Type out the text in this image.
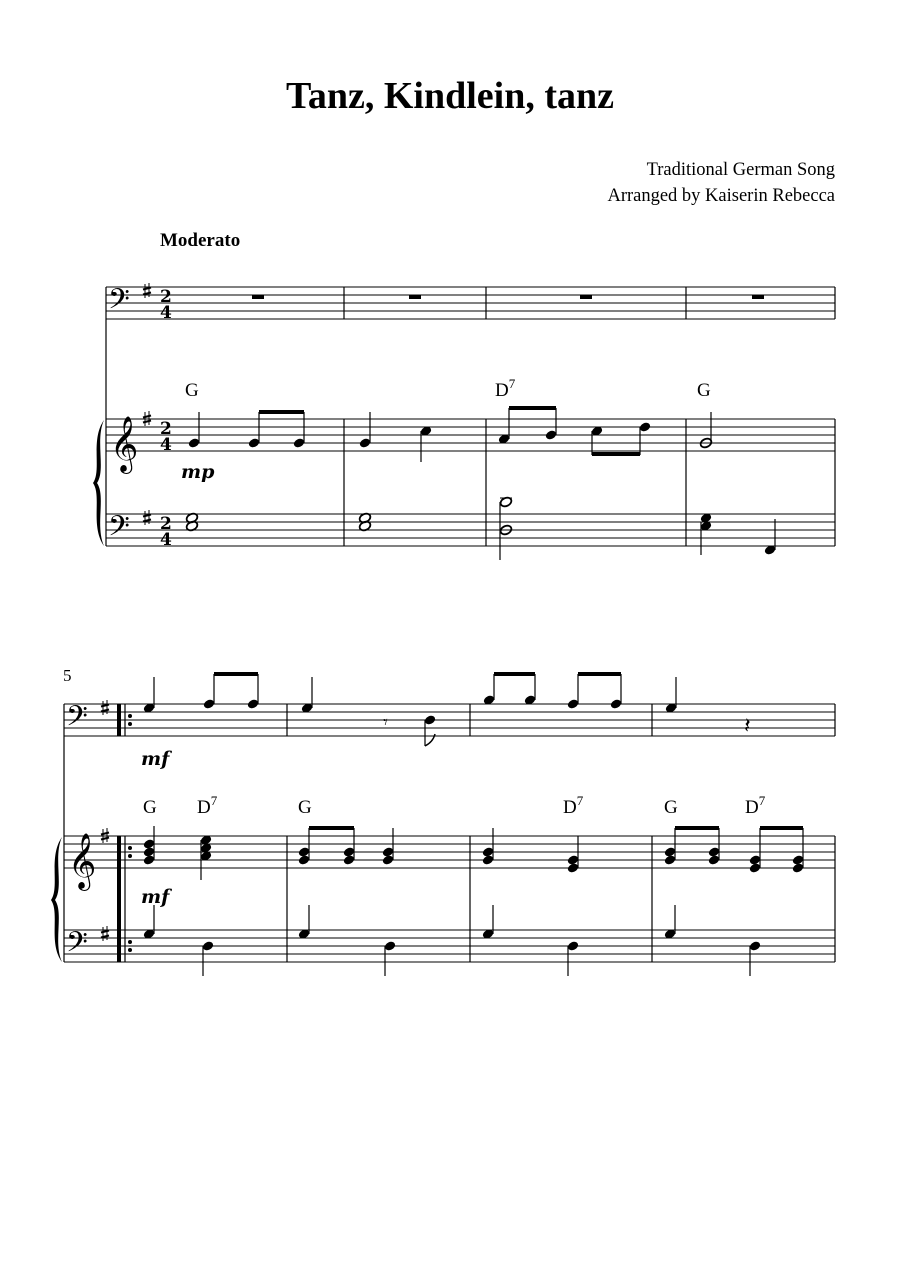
Tanz, Kindlein, tanz
Traditional German Song
Arranged by Kaiserin Rebecca
Moderato
5
𝄢
𝄞
𝄢
2
4
2
4
2
4
G	$D^7$	G
mp
𝄢
𝄞
𝄢
G $D^7$	G	$D^7$	G	$D^7$
mf
mf
𝄾	𝄽
